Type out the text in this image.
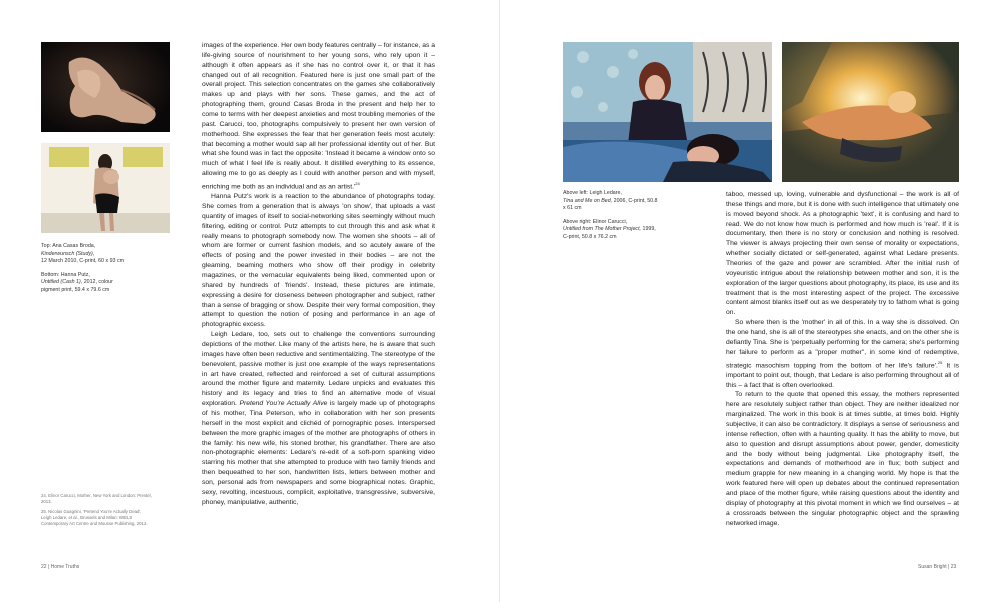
Top: Ana Casas Broda,
Kinderwunsch (Study),
12 March 2010, C-print, 60 x 93 cm

Bottom: Hanna Putz,
Untitled (Cash 1), 2012, colour pigment print, 59.4 x 79.6 cm

images of the experience. Her own body features centrally – for instance, as a life-giving source of nourishment to her young sons, who rely upon it – although it often appears as if she has no control over it, or that it has changed out of all recognition. Featured here is just one small part of the overall project. This selection concentrates on the games she collaboratively makes up and plays with her sons. These games, and the act of photographing them, ground Casas Broda in the present and help her to come to terms with her deepest anxieties and most troubling memories of the past. Carucci, too, photographs compulsively to present her own version of motherhood. She expresses the fear that her generation feels most acutely: that becoming a mother would sap all her professional identity out of her. But what she found was in fact the opposite: 'Instead it became a window onto so much of what I feel life is really about. It distilled everything to its essence, allowing me to go as deeply as I could with another person and with myself, enriching me both as an individual and as an $artist.'^{24}$

Hanna Putz's work is a reaction to the abundance of photographs today. She comes from a generation that is always 'on show', that uploads a vast quantity of images of itself to social-networking sites seemingly without much filtering, editing or control. Putz attempts to cut through this and ask what it really means to photograph somebody now. The women she shoots – all of whom are former or current fashion models, and so acutely aware of the effects of posing and the power invested in their bodies – are not the gleaming, beaming mothers who show off their prodigy in celebrity magazines, or the vernacular equivalents being liked, commented upon or shared by hundreds of 'friends'. Instead, these pictures are intimate, expressing a desire for closeness between photographer and subject, rather than a sense of bragging or show. Despite their very formal composition, they attempt to question the notion of posing and performance in an age of photographic excess.

Leigh Ledare, too, sets out to challenge the conventions surrounding depictions of the mother. Like many of the artists here, he is aware that such images have often been reductive and sentimentalizing. The stereotype of the benevolent, passive mother is just one example of the ways representations in art have created, reflected and reinforced a set of cultural assumptions around the mother figure and maternity. Ledare unpicks and evaluates this history and its legacy and tries to find an alternative mode of visual exploration. Pretend You're Actually Alive is largely made up of photographs of his mother, Tina Peterson, who in collaboration with her son presents herself in the most explicit and clichéd of pornographic poses. Interspersed between the more graphic images of the mother are photographs of others in the family: his new wife, his stoned brother, his grandfather. There are also non-photographic elements: Ledare's re-edit of a soft-porn spanking video starring his mother that she attempted to produce with two family friends and then bequeathed to her son, handwritten lists, letters between mother and son, personal ads from newspapers and some biographical notes. Graphic, sexy, revolting, incestuous, complicit, exploitative, transgressive, subversive, phoney, manipulative, authentic,

24. Elinor Carucci, Mother, New York and London: Prestel, 2013.

25. Nicolas Guagnini, 'Pretend You're Actually Dead', Leigh Ledare, et al., Brussels and Milan: WIELS Contemporary Art Centre and Mousse Publishing, 2012.

22 | Home Truths

Above left: Leigh Ledare,
Tina and Me on Bed, 2006, C-print, 50.8 x 61 cm

Above right: Elinor Carucci,
Untitled from The Mother Project, 1999, C-print, 50.8 x 76.2 cm

taboo, messed up, loving, vulnerable and dysfunctional – the work is all of these things and more, but it is done with such intelligence that ultimately one is moved beyond shock. As a photographic 'text', it is confusing and hard to read. We do not know how much is performed and how much is 'real'. If it is documentary, then there is no story or conclusion and nothing is resolved. The viewer is always projecting their own sense of morality or expectations, whether socially dictated or self-generated, against what Ledare presents. Theories of the gaze and power are scrambled. After the initial rush of voyeuristic intrigue about the relationship between mother and son, it is the exploration of the larger questions about photography, its place, its use and its treatment that is the most interesting aspect of the project. The excessive content almost blanks itself out as we desperately try to fathom what is going on.

So where then is the 'mother' in all of this. In a way she is dissolved. On the one hand, she is all of the stereotypes she enacts, and on the other she is defiantly Tina. She is 'perpetually performing for the camera; she's performing her failure to perform as a "proper mother", in some kind of redemptive, strategic masochism topping from the bottom of her life's failure'.$^{25}$ It is important to point out, though, that Ledare is also performing throughout all of this – a fact that is often overlooked.

To return to the quote that opened this essay, the mothers represented here are resolutely subject rather than object. They are neither idealized nor marginalized. The work in this book is at times subtle, at times bold. Highly subjective, it can also be contradictory. It displays a sense of seriousness and intense reflection, often with a haunting quality. It has the ability to move, but also to question and disrupt assumptions about power, gender, domesticity and the body without being judgmental. Like photography itself, the expectations and demands of motherhood are in flux; both subject and medium grapple for new meaning in a changing world. My hope is that the work featured here will open up debates about the continued representation and place of the mother figure, while raising questions about the identity and display of photography at this pivotal moment in which we find ourselves – at a crossroads between the singular photographic object and the sprawling networked image.

Susan Bright | 23
